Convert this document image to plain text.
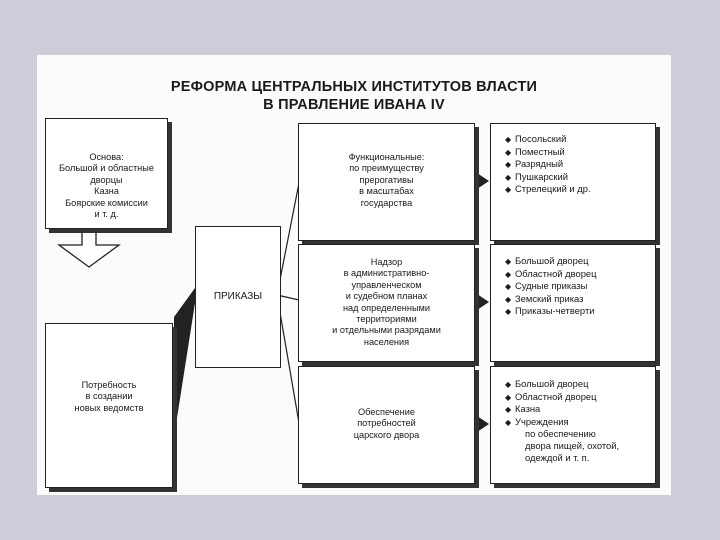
РЕФОРМА ЦЕНТРАЛЬНЫХ ИНСТИТУТОВ ВЛАСТИ
В ПРАВЛЕНИЕ ИВАНА IV
Основа:
Большой и областные
дворцы
Казна
Боярские комиссии
и т. д.
Потребность
в создании
новых ведомств
ПРИКАЗЫ
Функциональные:
по преимуществу
прерогативы
в масштабах
государства
Надзор
в административно-
управленческом
и судебном планах
над определенными
территориями
и отдельными разрядами
населения
Обеспечение
потребностей
царского двора
◆ Посольский
◆ Поместный
◆ Разрядный
◆ Пушкарский
◆ Стрелецкий и др.
◆ Большой дворец
◆ Областной дворец
◆ Судные приказы
◆ Земский приказ
◆ Приказы-четверти
◆ Большой дворец
◆ Областной дворец
◆ Казна
◆ Учреждения
по обеспечению
двора пищей, охотой,
одеждой и т. п.
